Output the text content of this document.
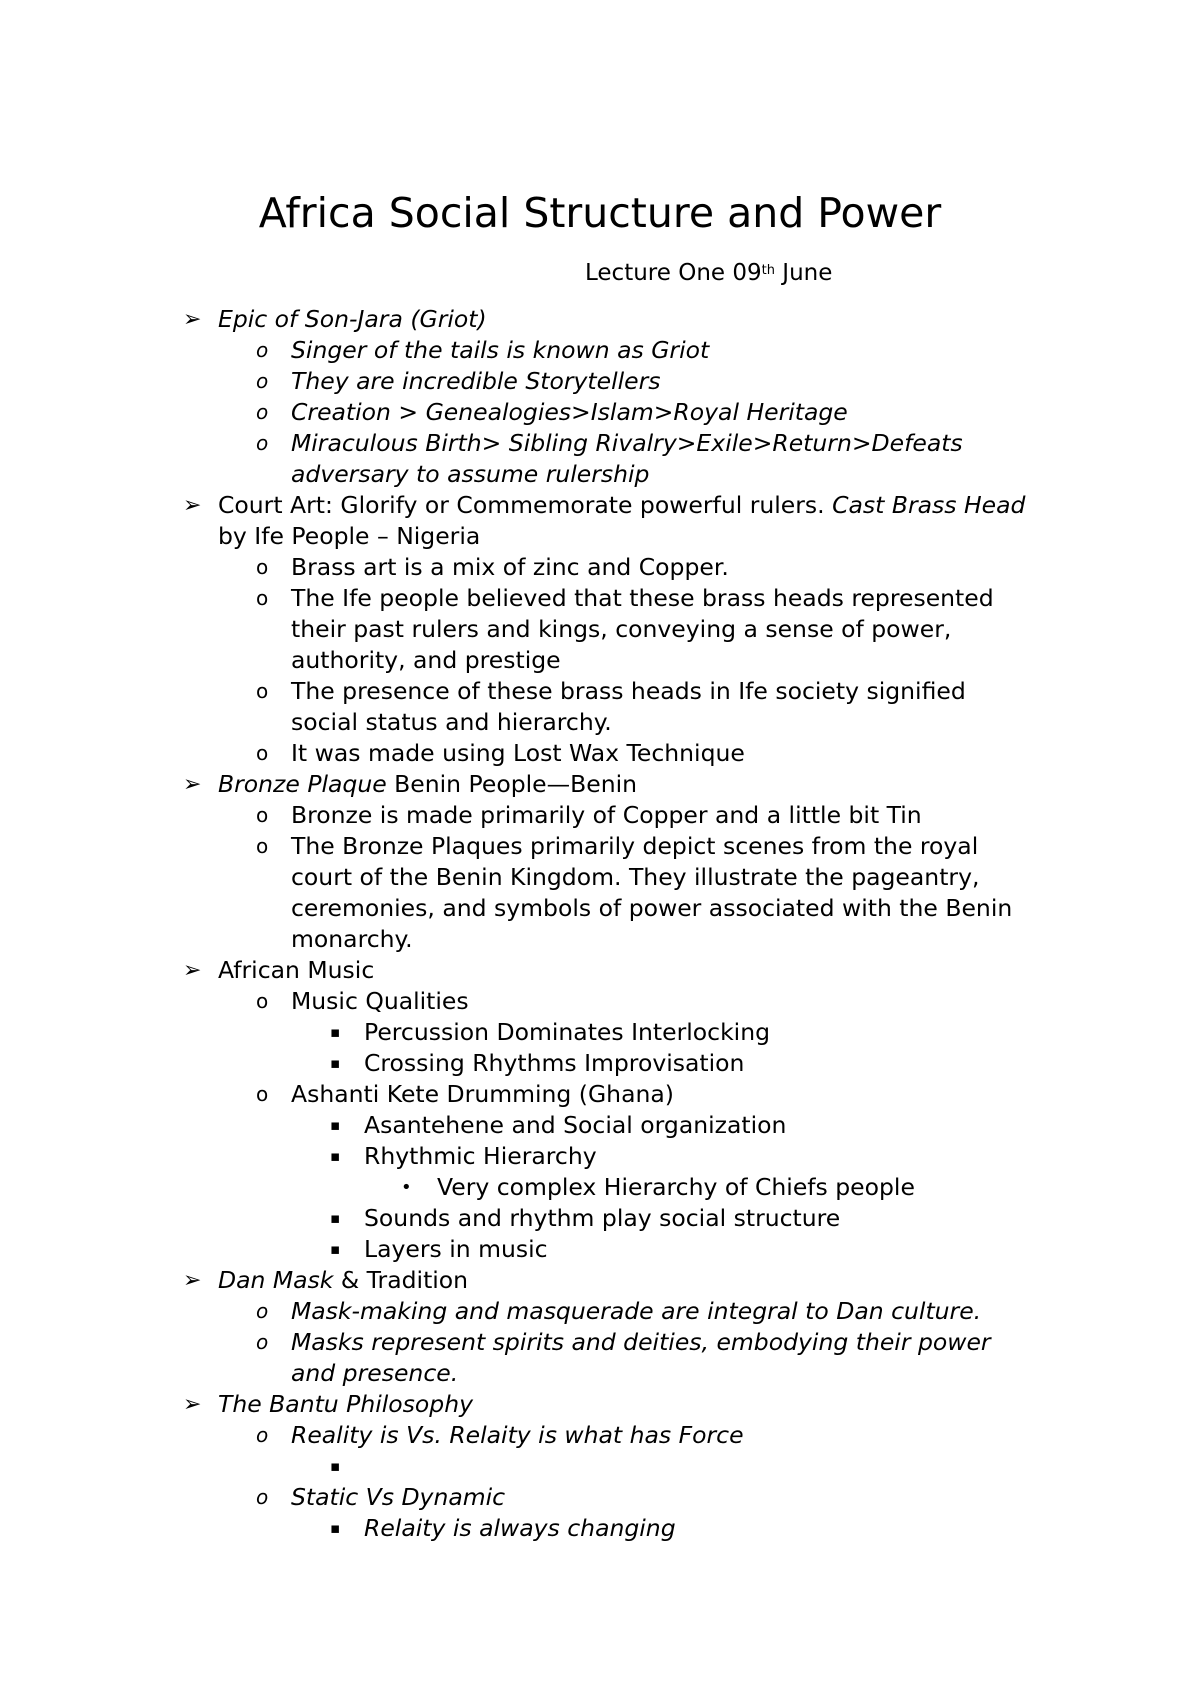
Africa Social Structure and Power

Lecture One 09th June

➢ Epic of Son-Jara (Griot)
o Singer of the tails is known as Griot
o They are incredible Storytellers
o Creation > Genealogies>Islam>Royal Heritage
o Miraculous Birth> Sibling Rivalry>Exile>Return>Defeats
adversary to assume rulership
➢ Court Art: Glorify or Commemorate powerful rulers. Cast Brass Head
by Ife People – Nigeria
o Brass art is a mix of zinc and Copper.
o The Ife people believed that these brass heads represented
their past rulers and kings, conveying a sense of power,
authority, and prestige
o The presence of these brass heads in Ife society signified
social status and hierarchy.
o It was made using Lost Wax Technique
➢ Bronze Plaque Benin People—Benin
o Bronze is made primarily of Copper and a little bit Tin
o The Bronze Plaques primarily depict scenes from the royal
court of the Benin Kingdom. They illustrate the pageantry,
ceremonies, and symbols of power associated with the Benin
monarchy.
➢ African Music
o Music Qualities
▪ Percussion Dominates Interlocking
▪ Crossing Rhythms Improvisation
o Ashanti Kete Drumming (Ghana)
▪ Asantehene and Social organization
▪ Rhythmic Hierarchy
• Very complex Hierarchy of Chiefs people
▪ Sounds and rhythm play social structure
▪ Layers in music
➢ Dan Mask & Tradition
o Mask-making and masquerade are integral to Dan culture.
o Masks represent spirits and deities, embodying their power
and presence.
➢ The Bantu Philosophy
o Reality is Vs. Relaity is what has Force
▪
o Static Vs Dynamic
▪ Relaity is always changing
